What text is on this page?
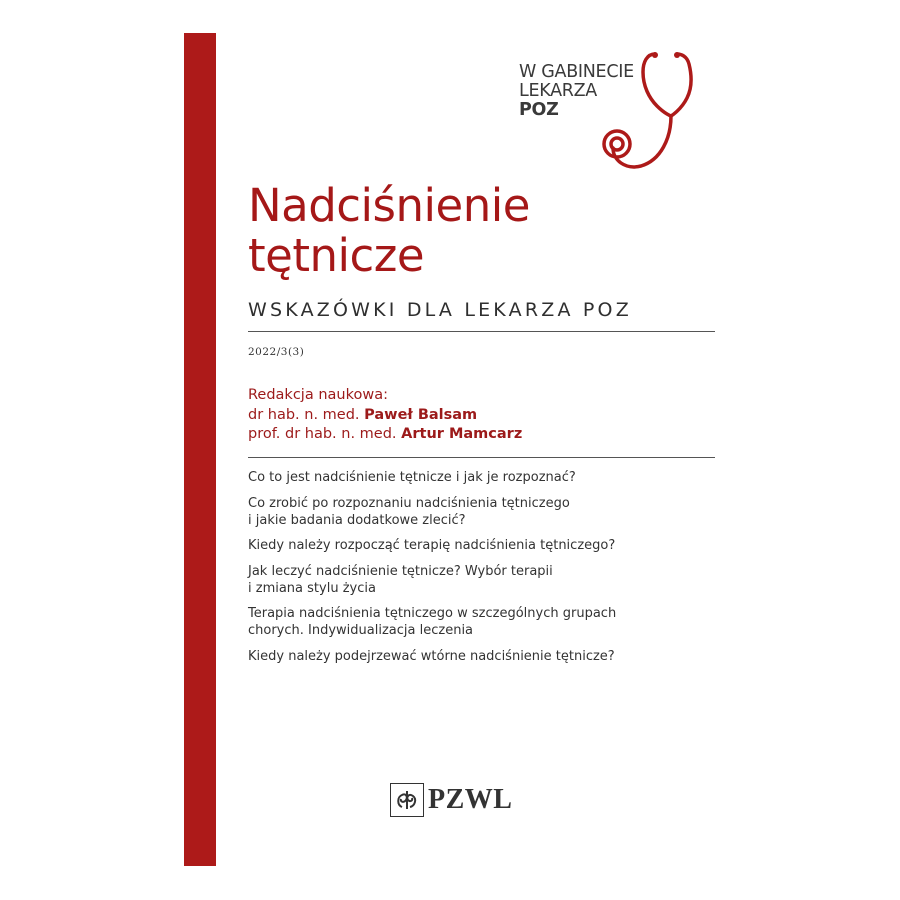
W GABINECIE
LEKARZA POZ
Nadciśnienie
tętnicze
WSKAZÓWKI DLA LEKARZA POZ
2022/3(3)
Redakcja naukowa:
dr hab. n. med. Paweł Balsam
prof. dr hab. n. med. Artur Mamcarz
Co to jest nadciśnienie tętnicze i jak je rozpoznać?
Co zrobić po rozpoznaniu nadciśnienia tętniczego
i jakie badania dodatkowe zlecić?
Kiedy należy rozpocząć terapię nadciśnienia tętniczego?
Jak leczyć nadciśnienie tętnicze? Wybór terapii
i zmiana stylu życia
Terapia nadciśnienia tętniczego w szczególnych grupach
chorych. Indywidualizacja leczenia
Kiedy należy podejrzewać wtórne nadciśnienie tętnicze?
PZWL
